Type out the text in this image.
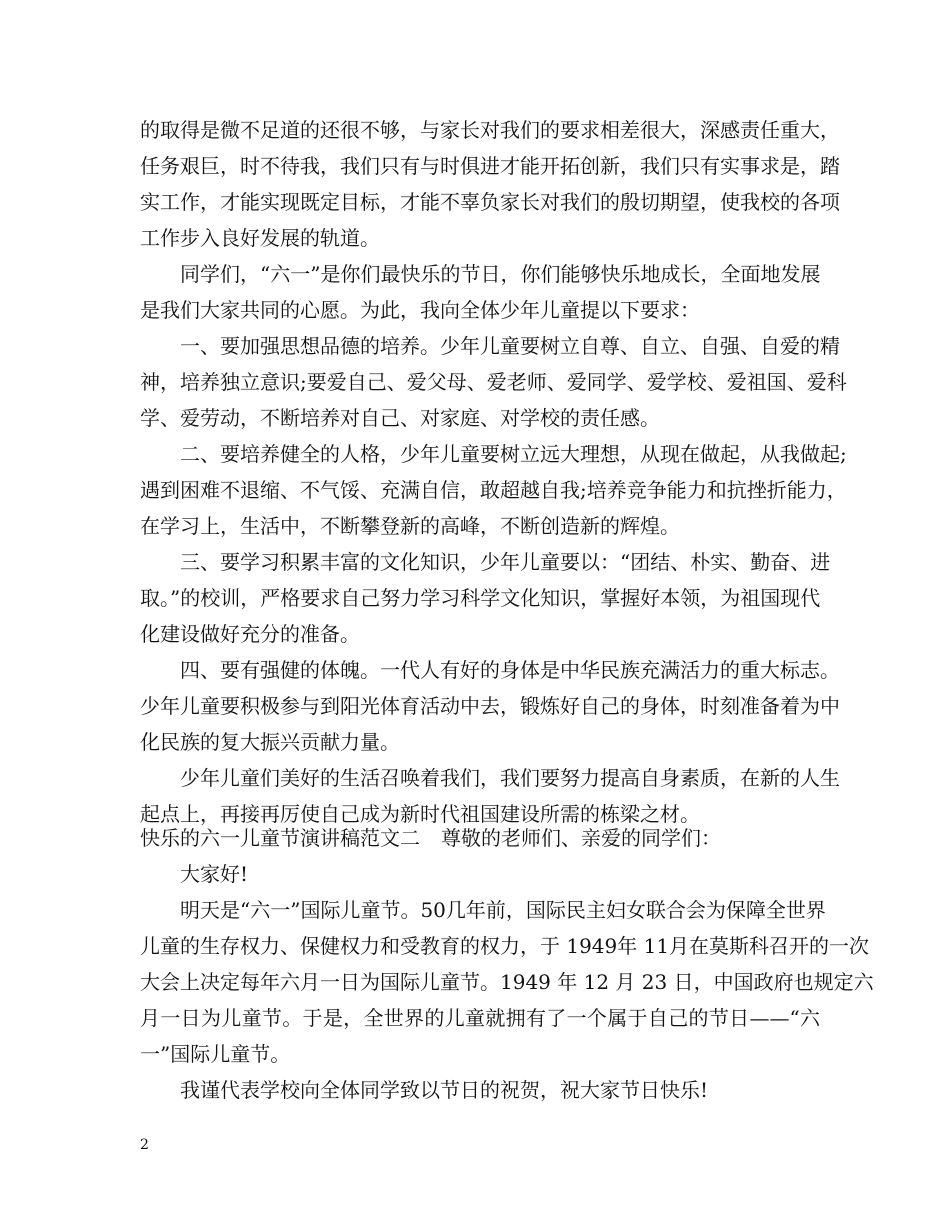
的取得是微不足道的还很不够，与家长对我们的要求相差很大，深感责任重大，
任务艰巨，时不待我，我们只有与时俱进才能开拓创新，我们只有实事求是，踏
实工作，才能实现既定目标，才能不辜负家长对我们的殷切期望，使我校的各项
工作步入良好发展的轨道。
同学们，“六一”是你们最快乐的节日，你们能够快乐地成长，全面地发展
是我们大家共同的心愿。为此，我向全体少年儿童提以下要求：
一、要加强思想品德的培养。少年儿童要树立自尊、自立、自强、自爱的精
神，培养独立意识;要爱自己、爱父母、爱老师、爱同学、爱学校、爱祖国、爱科
学、爱劳动，不断培养对自己、对家庭、对学校的责任感。
二、要培养健全的人格，少年儿童要树立远大理想，从现在做起，从我做起;
遇到困难不退缩、不气馁、充满自信，敢超越自我;培养竞争能力和抗挫折能力，
在学习上，生活中，不断攀登新的高峰，不断创造新的辉煌。
三、要学习积累丰富的文化知识，少年儿童要以：“团结、朴实、勤奋、进
取。”的校训，严格要求自己努力学习科学文化知识，掌握好本领，为祖国现代
化建设做好充分的准备。
四、要有强健的体魄。一代人有好的身体是中华民族充满活力的重大标志。
少年儿童要积极参与到阳光体育活动中去，锻炼好自己的身体，时刻准备着为中
化民族的复大振兴贡献力量。
少年儿童们美好的生活召唤着我们，我们要努力提高自身素质，在新的人生
起点上，再接再厉使自己成为新时代祖国建设所需的栋梁之材。
快乐的六一儿童节演讲稿范文二 尊敬的老师们、亲爱的同学们：
大家好!
明天是“六一”国际儿童节。50几年前，国际民主妇女联合会为保障全世界
儿童的生存权力、保健权力和受教育的权力，于 1949年 11月在莫斯科召开的一次
大会上决定每年六月一日为国际儿童节。1949 年 12 月 23 日，中国政府也规定六
月一日为儿童节。于是，全世界的儿童就拥有了一个属于自己的节日——“六
一”国际儿童节。
我谨代表学校向全体同学致以节日的祝贺，祝大家节日快乐!
2
